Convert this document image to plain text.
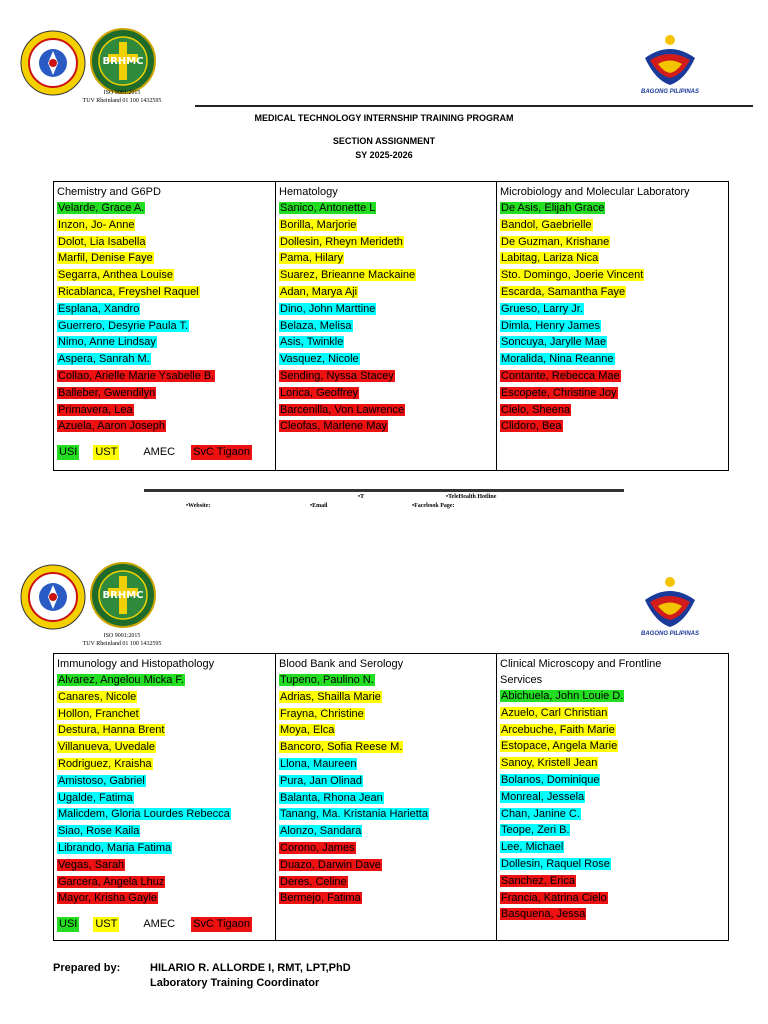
BRHMC
ISO 9001:2015
TUV Rheinland 01 100 1432595
BAGONG PILIPINAS
MEDICAL TECHNOLOGY INTERNSHIP TRAINING PROGRAM
SECTION ASSIGNMENT
SY 2025-2026
Chemistry and G6PD
Velarde, Grace A.
Inzon, Jo- Anne
Dolot, Lia Isabella
Marfil, Denise Faye
Segarra, Anthea Louise
Ricablanca, Freyshel Raquel
Esplana, Xandro
Guerrero, Desyrie Paula T.
Nimo, Anne Lindsay
Aspera, Sanrah M.
Collao, Arielle Marie Ysabelle B.
Balleber, Gwendilyn
Primavera, Lea
Azuela, Aaron Joseph
USI UST AMEC SvC Tigaon

Hematology
Sanico, Antonette L
Borilla, Marjorie
Dollesin, Rheyn Merideth
Pama, Hilary
Suarez, Brieanne Mackaine
Adan, Marya Aji
Dino, John Marttine
Belaza, Melisa
Asis, Twinkle
Vasquez, Nicole
Sending, Nyssa Stacey
Lorica, Geoffrey
Barcenilla, Von Lawrence
Cleofas, Marlene May

Microbiology and Molecular Laboratory
De Asis, Elijah Grace
Bandol, Gaebrielle
De Guzman, Krishane
Labitag, Lariza Nica
Sto. Domingo, Joerie Vincent
Escarda, Samantha Faye
Grueso, Larry Jr.
Dimla, Henry James
Soncuya, Jarylle Mae
Moralida, Nina Reanne
Contante, Rebecca Mae
Escopete, Christine Joy
Cielo, Sheena
Clidoro, Bea
•T	•TeleHealth Hotline
•Website:	•Email	•Facebook Page:
BRHMC
ISO 9001:2015
TUV Rheinland 01 100 1432595
BAGONG PILIPINAS
Immunology and Histopathology
Alvarez, Angelou Micka F.
Canares, Nicole
Hollon, Franchet
Destura, Hanna Brent
Villanueva, Uvedale
Rodriguez, Kraisha
Amistoso, Gabriel
Ugalde, Fatima
Malicdem, Gloria Lourdes Rebecca
Siao, Rose Kaila
Librando, Maria Fatima
Vegas, Sarah
Garcera, Angela Lhuz
Mayor, Krisha Gayle
USI UST AMEC SvC Tigaon

Blood Bank and Serology
Tupeno, Paulino N.
Adrias, Shailla Marie
Frayna, Christine
Moya, Elca
Bancoro, Sofia Reese M.
Llona, Maureen
Pura, Jan Olinad
Balanta, Rhona Jean
Tanang, Ma. Kristania Harietta
Alonzo, Sandara
Corono, James
Duazo, Darwin Dave
Deres, Celine
Bermejo, Fatima

Clinical Microscopy and Frontline
Services
Abichuela, John Louie D.
Azuelo, Carl Christian
Arcebuche, Faith Marie
Estopace, Angela Marie
Sanoy, Kristell Jean
Bolanos, Dominique
Monreal, Jessela
Chan, Janine C.
Teope, Zeri B.
Lee, Michael
Dollesin, Raquel Rose
Sanchez, Erica
Francia, Katrina Cielo
Basquena, Jessa
Prepared by:	HILARIO R. ALLORDE I, RMT, LPT,PhD
Laboratory Training Coordinator
